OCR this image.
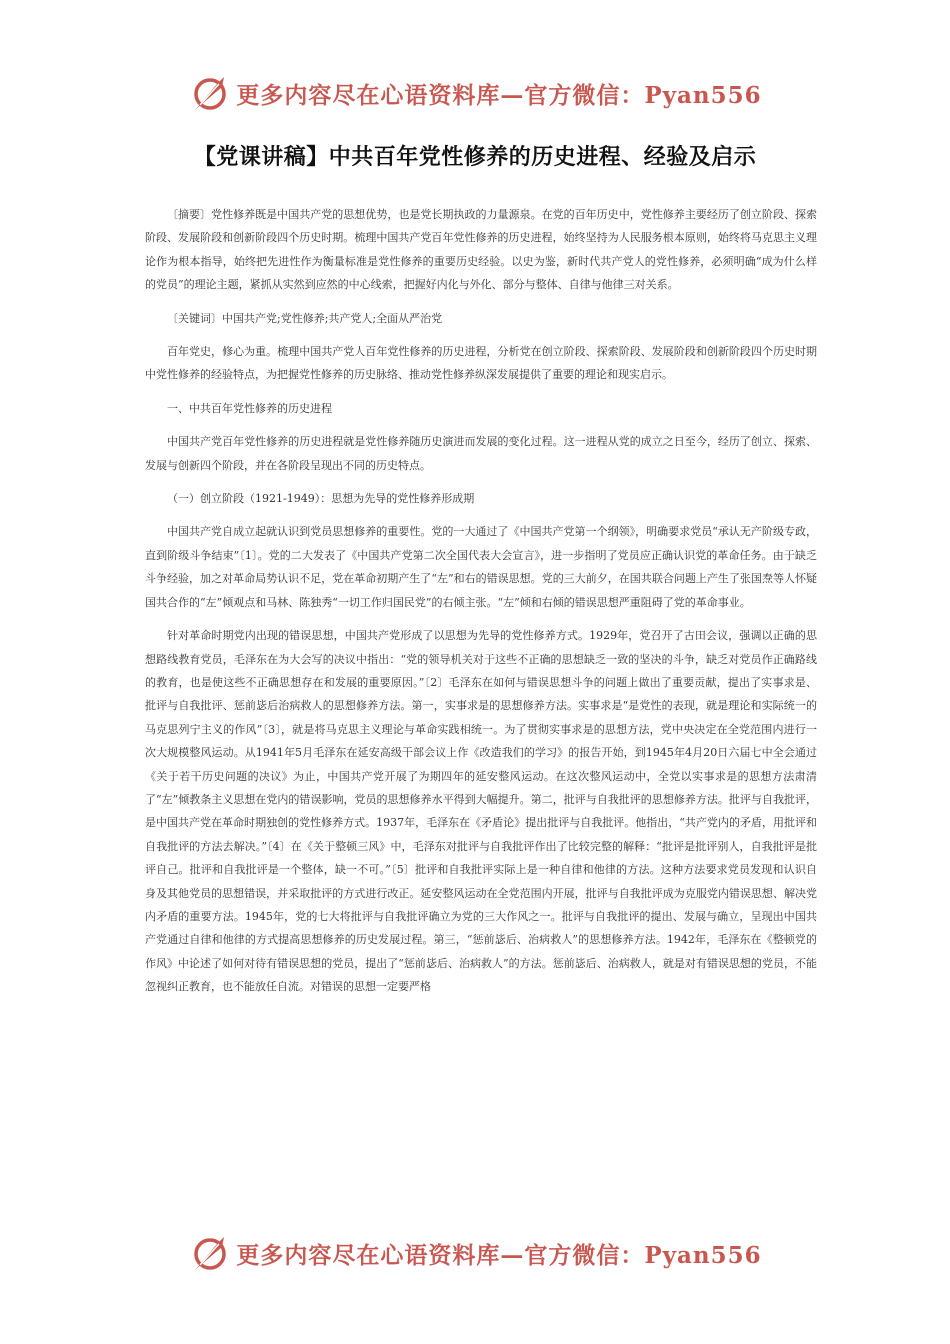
更多内容尽在心语资料库—官方微信：Pyan556
【党课讲稿】中共百年党性修养的历史进程、经验及启示

〔摘要〕党性修养既是中国共产党的思想优势，也是党长期执政的力量源泉。在党的百年历史中，党性修养主要经历了创立阶段、探索阶段、发展阶段和创新阶段四个历史时期。梳理中国共产党百年党性修养的历史进程，始终坚持为人民服务根本原则，始终将马克思主义理论作为根本指导，始终把先进性作为衡量标准是党性修养的重要历史经验。以史为鉴，新时代共产党人的党性修养，必须明确“成为什么样的党员”的理论主题，紧抓从实然到应然的中心线索，把握好内化与外化、部分与整体、自律与他律三对关系。

〔关键词〕中国共产党;党性修养;共产党人;全面从严治党

百年党史，修心为重。梳理中国共产党人百年党性修养的历史进程，分析党在创立阶段、探索阶段、发展阶段和创新阶段四个历史时期中党性修养的经验特点，为把握党性修养的历史脉络、推动党性修养纵深发展提供了重要的理论和现实启示。

一、中共百年党性修养的历史进程

中国共产党百年党性修养的历史进程就是党性修养随历史演进而发展的变化过程。这一进程从党的成立之日至今，经历了创立、探索、发展与创新四个阶段，并在各阶段呈现出不同的历史特点。

（一）创立阶段（1921-1949）：思想为先导的党性修养形成期

中国共产党自成立起就认识到党员思想修养的重要性。党的一大通过了《中国共产党第一个纲领》，明确要求党员“承认无产阶级专政，直到阶级斗争结束”〔1〕。党的二大发表了《中国共产党第二次全国代表大会宣言》，进一步指明了党员应正确认识党的革命任务。由于缺乏斗争经验，加之对革命局势认识不足，党在革命初期产生了“左”和右的错误思想。党的三大前夕，在国共联合问题上产生了张国焘等人怀疑国共合作的“左”倾观点和马林、陈独秀“一切工作归国民党”的右倾主张。“左”倾和右倾的错误思想严重阻碍了党的革命事业。

针对革命时期党内出现的错误思想，中国共产党形成了以思想为先导的党性修养方式。1929年，党召开了古田会议，强调以正确的思想路线教育党员，毛泽东在为大会写的决议中指出：“党的领导机关对于这些不正确的思想缺乏一致的坚决的斗争，缺乏对党员作正确路线的教育，也是使这些不正确思想存在和发展的重要原因。”〔2〕毛泽东在如何与错误思想斗争的问题上做出了重要贡献，提出了实事求是、批评与自我批评、惩前毖后治病救人的思想修养方法。第一，实事求是的思想修养方法。实事求是“是党性的表现，就是理论和实际统一的马克思列宁主义的作风”〔3〕，就是将马克思主义理论与革命实践相统一。为了贯彻实事求是的思想方法，党中央决定在全党范围内进行一次大规模整风运动。从1941年5月毛泽东在延安高级干部会议上作《改造我们的学习》的报告开始，到1945年4月20日六届七中全会通过《关于若干历史问题的决议》为止，中国共产党开展了为期四年的延安整风运动。在这次整风运动中，全党以实事求是的思想方法肃清了“左”倾教条主义思想在党内的错误影响，党员的思想修养水平得到大幅提升。第二，批评与自我批评的思想修养方法。批评与自我批评，是中国共产党在革命时期独创的党性修养方式。1937年，毛泽东在《矛盾论》提出批评与自我批评。他指出，“共产党内的矛盾，用批评和自我批评的方法去解决。”〔4〕在《关于整顿三风》中，毛泽东对批评与自我批评作出了比较完整的解释：“批评是批评别人，自我批评是批评自己。批评和自我批评是一个整体，缺一不可。”〔5〕批评和自我批评实际上是一种自律和他律的方法。这种方法要求党员发现和认识自身及其他党员的思想错误，并采取批评的方式进行改正。延安整风运动在全党范围内开展，批评与自我批评成为克服党内错误思想、解决党内矛盾的重要方法。1945年，党的七大将批评与自我批评确立为党的三大作风之一。批评与自我批评的提出、发展与确立，呈现出中国共产党通过自律和他律的方式提高思想修养的历史发展过程。第三，“惩前毖后、治病救人”的思想修养方法。1942年，毛泽东在《整顿党的作风》中论述了如何对待有错误思想的党员，提出了“惩前毖后、治病救人”的方法。惩前毖后、治病救人，就是对有错误思想的党员，不能忽视纠正教育，也不能放任自流。对错误的思想一定要严格

更多内容尽在心语资料库—官方微信：Pyan556
